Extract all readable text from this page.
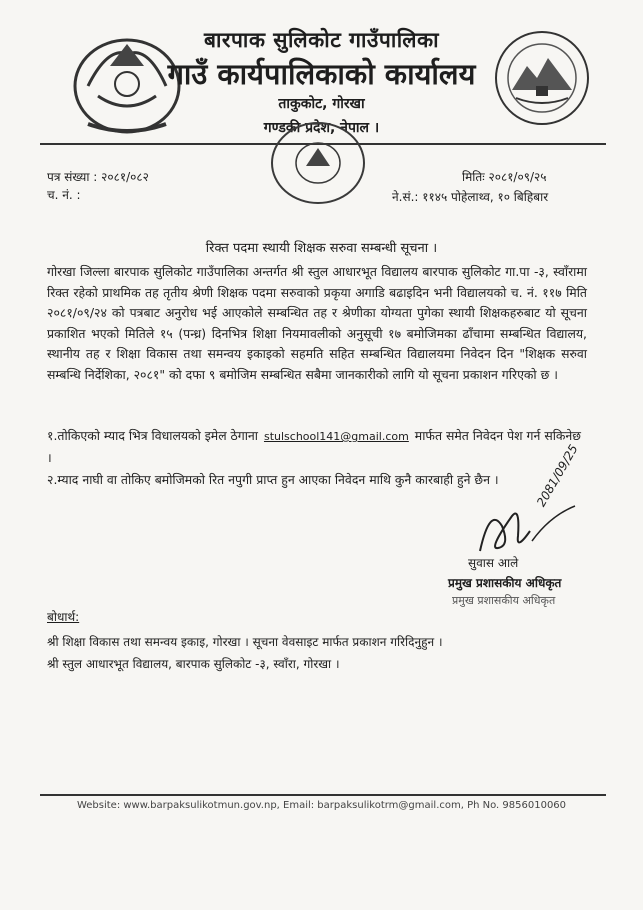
बारपाक सुलिकोट गाउँपालिका
गाउँ कार्यपालिकाको कार्यालय
ताकुकोट, गोरखा
गण्डकी प्रदेश, नेपाल ।
पत्र संख्या : २०८१/०८२
च. नं. :
मितिः २०८१/०९/२५
ने.सं.: ११४५ पोहेलाथ्व, १० बिहिबार
रिक्त पदमा स्थायी शिक्षक सरुवा सम्बन्धी सूचना ।
गोरखा जिल्ला बारपाक सुलिकोट गाउँपालिका अन्तर्गत श्री स्तुल आधारभूत विद्यालय बारपाक सुलिकोट गा.पा -३, स्वाँरामा रिक्त रहेको प्राथमिक तह तृतीय श्रेणी शिक्षक पदमा सरुवाको प्रकृया अगाडि बढाइदिन भनी विद्यालयको च. नं. ११७ मिति २०८१/०९/२४ को पत्रबाट अनुरोध भई आएकोले सम्बन्धित तह र श्रेणीका योग्यता पुगेका स्थायी शिक्षकहरुबाट यो सूचना प्रकाशित भएको मितिले १५ (पन्ध्र) दिनभित्र शिक्षा नियमावलीको अनुसूची १७ बमोजिमका ढाँचामा सम्बन्धित विद्यालय, स्थानीय तह र शिक्षा विकास तथा समन्वय इकाइको सहमति सहित सम्बन्धित विद्यालयमा निवेदन दिन "शिक्षक सरुवा सम्बन्धि निर्देशिका, २०८१" को दफा ९ बमोजिम सम्बन्धित सबैमा जानकारीको लागि यो सूचना प्रकाशन गरिएको छ ।
१.तोकिएको म्याद भित्र विधालयको इमेल ठेगाना stulschool141@gmail.com मार्फत समेत निवेदन पेश गर्न सकिनेछ ।
२.म्याद नाघी वा तोकिए बमोजिमको रित नपुगी प्राप्त हुन आएका निवेदन माथि कुनै कारबाही हुने छैन ।
सुवास आले
प्रमुख प्रशासकीय अधिकृत
प्रमुख प्रशासकीय अधिकृत
2081/09/25
बोधार्थ:
श्री शिक्षा विकास तथा समन्वय इकाइ, गोरखा । सूचना वेवसाइट मार्फत प्रकाशन गरिदिनुहुन ।
श्री स्तुल आधारभूत विद्यालय, बारपाक सुलिकोट -३, स्वाँरा, गोरखा ।
Website: www.barpaksulikotmun.gov.np, Email: barpaksulikotrm@gmail.com, Ph No. 9856010060
